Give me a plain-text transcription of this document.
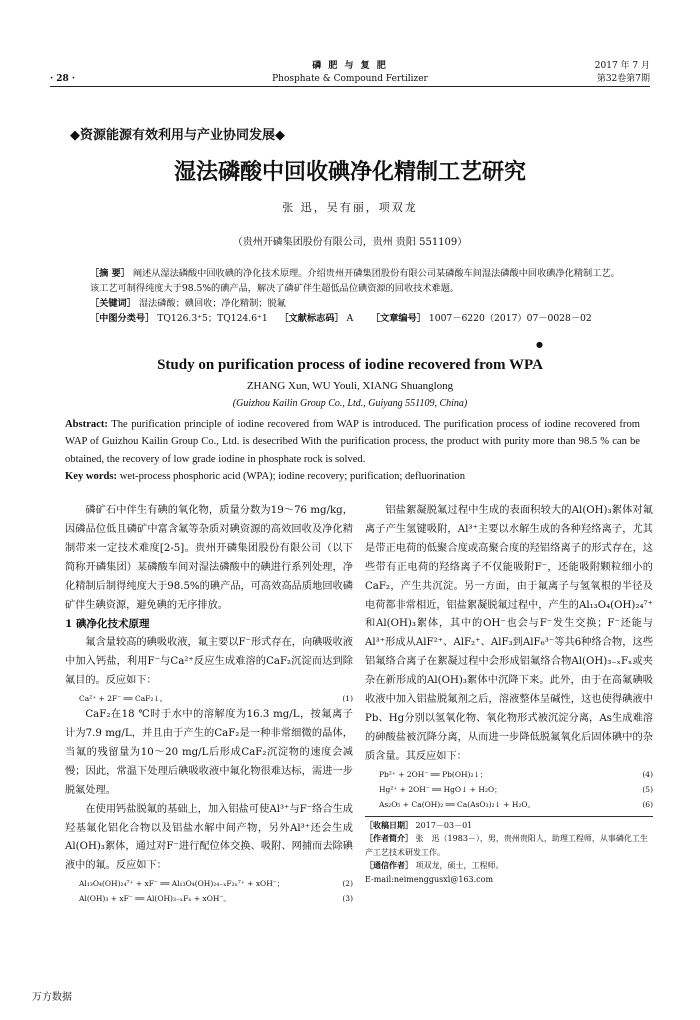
· 28 ·
磷 肥 与 复 肥
Phosphate & Compound Fertilizer
2017 年 7 月
第32卷第7期
◆资源能源有效利用与产业协同发展◆
湿法磷酸中回收碘净化精制工艺研究
张 迅，吴有丽，项双龙
（贵州开磷集团股份有限公司，贵州 贵阳 551109）
［摘 要］ 阐述从湿法磷酸中回收碘的净化技术原理。介绍贵州开磷集团股份有限公司某磷酸车间湿法磷酸中回收碘净化精制工艺。该工艺可制得纯度大于98.5%的碘产品，解决了磷矿伴生超低品位碘资源的回收技术难题。
［关键词］ 湿法磷酸；碘回收；净化精制；脱氟
［中图分类号］ TQ126.3⁺5；TQ124.6⁺1 ［文献标志码］ A ［文章编号］ 1007－6220（2017）07－0028－02
●
Study on purification process of iodine recovered from WPA
ZHANG Xun, WU Youli, XIANG Shuanglong
(Guizhou Kailin Group Co., Ltd., Guiyang 551109, China)
Abstract: The purification principle of iodine recovered from WAP is introduced. The purification process of iodine recovered from WAP of Guizhou Kailin Group Co., Ltd. is desecribed With the purification process, the product with purity more than 98.5 % can be obtained, the recovery of low grade iodine in phosphate rock is solved.
Key words: wet-process phosphoric acid (WPA); iodine recovery; purification; defluorination

磷矿石中伴生有碘的氧化物，质量分数为19～76 mg/kg，因磷品位低且磷矿中富含氟等杂质对碘资源的高效回收及净化精制带来一定技术难度[2-5]。贵州开磷集团股份有限公司（以下简称开磷集团）某磷酸车间对湿法磷酸中的碘进行系列处理，净化精制后制得纯度大于98.5%的碘产品，可高效高品质地回收磷矿伴生碘资源，避免碘的无序排放。

1 碘净化技术原理

氟含量较高的碘吸收液，氟主要以F⁻形式存在，向碘吸收液中加入钙盐，利用F⁻与Ca²⁺反应生成难溶的CaF₂沉淀而达到除氟目的。反应如下：

Ca²⁺ + 2F⁻ ══ CaF₂↓。	(1)

CaF₂在18 ℃时于水中的溶解度为16.3 mg/L，按氟离子计为7.9 mg/L，并且由于产生的CaF₂是一种非常细微的晶体，当氟的残留量为10～20 mg/L后形成CaF₂沉淀物的速度会减慢；因此，常温下处理后碘吸收液中氟化物很难达标，需进一步脱氟处理。

在使用钙盐脱氟的基础上，加入铝盐可使Al³⁺与F⁻络合生成羟基氟化铝化合物以及铝盐水解中间产物，另外Al³⁺还会生成Al(OH)₃絮体，通过对F⁻进行配位体交换、吸附、网捕而去除碘液中的氟。反应如下：

Al₁₃O₄(OH)₂₄⁷⁺ + xF⁻ ══ Al₁₃O₄(OH)₂₄₋ₓF₂ₓ⁷⁺ + xOH⁻；	(2)
Al(OH)₃ + xF⁻ ══ Al(OH)₃₋ₓFₓ + xOH⁻。	(3)

铝盐絮凝脱氟过程中生成的表面积较大的Al(OH)₃絮体对氟离子产生氢键吸附，Al³⁺主要以水解生成的各种羟络离子，尤其是带正电荷的低聚合度或高聚合度的羟铝络离子的形式存在，这些带有正电荷的羟络离子不仅能吸附F⁻，还能吸附颗粒细小的CaF₂，产生共沉淀。另一方面，由于氟离子与氢氧根的半径及电荷都非常相近，铝盐絮凝脱氟过程中，产生的Al₁₃O₄(OH)₂₄⁷⁺和Al(OH)₃絮体，其中的OH⁻也会与F⁻发生交换；F⁻还能与Al³⁺形成从AlF²⁺、AlF₂⁺、AlF₃到AlF₆³⁻等共6种络合物，这些铝氟络合离子在絮凝过程中会形成铝氟络合物Al(OH)₃₋ₓFₓ或夹杂在新形成的Al(OH)₃絮体中沉降下来。此外，由于在高氟碘吸收液中加入铝盐脱氟剂之后，溶液整体呈碱性，这也使得碘液中Pb、Hg分别以氢氧化物、氧化物形式被沉淀分离，As生成难溶的砷酸盐被沉降分离，从而进一步降低脱氟氧化后固体碘中的杂质含量。其反应如下：

Pb²⁺ + 2OH⁻ ══ Pb(OH)₂↓；	(4)
Hg²⁺ + 2OH⁻ ══ HgO↓ + H₂O；	(5)
As₂O₅ + Ca(OH)₂ ══ Ca(AsO₃)₂↓ + H₂O。	(6)
［收稿日期］ 2017－03－01
［作者简介］ 张　迅（1983－），男，贵州贵阳人，助理工程师，从事磷化工生产工艺技术研发工作。
［通信作者］ 项双龙，硕士，工程师。
E-mail:neimenggusxl@163.com
万方数据
